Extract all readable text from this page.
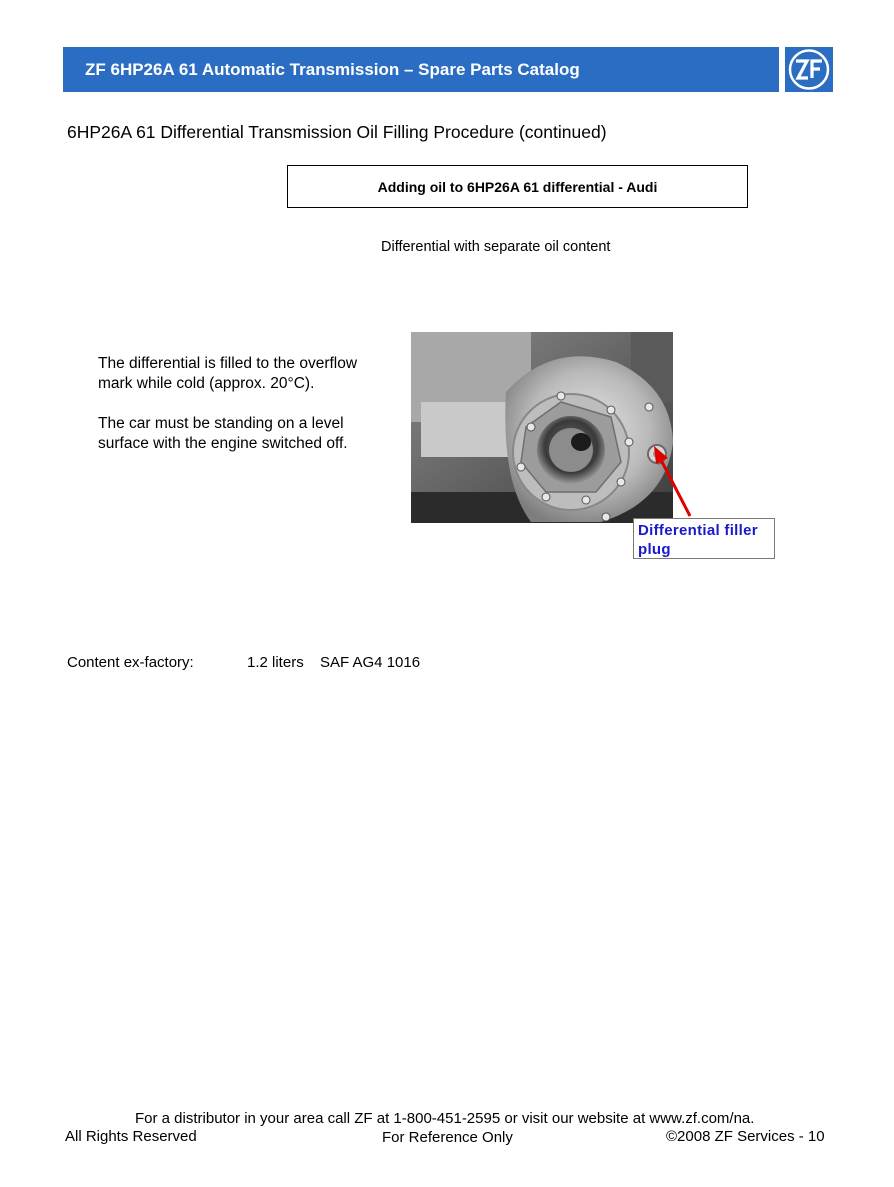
ZF 6HP26A 61 Automatic Transmission – Spare Parts Catalog
6HP26A 61 Differential Transmission Oil Filling Procedure (continued)
Adding oil to 6HP26A 61 differential - Audi
Differential with separate oil content
The differential is filled to the overflow
mark while cold (approx. 20°C).
The car must be standing on a level
surface with the engine switched off.
Differential filler
plug
Content ex-factory:	1.2 liters SAF AG4 1016
For a distributor in your area call ZF at 1-800-451-2595 or visit our website at www.zf.com/na.
All Rights Reserved	For Reference Only	©2008 ZF Services - 10
